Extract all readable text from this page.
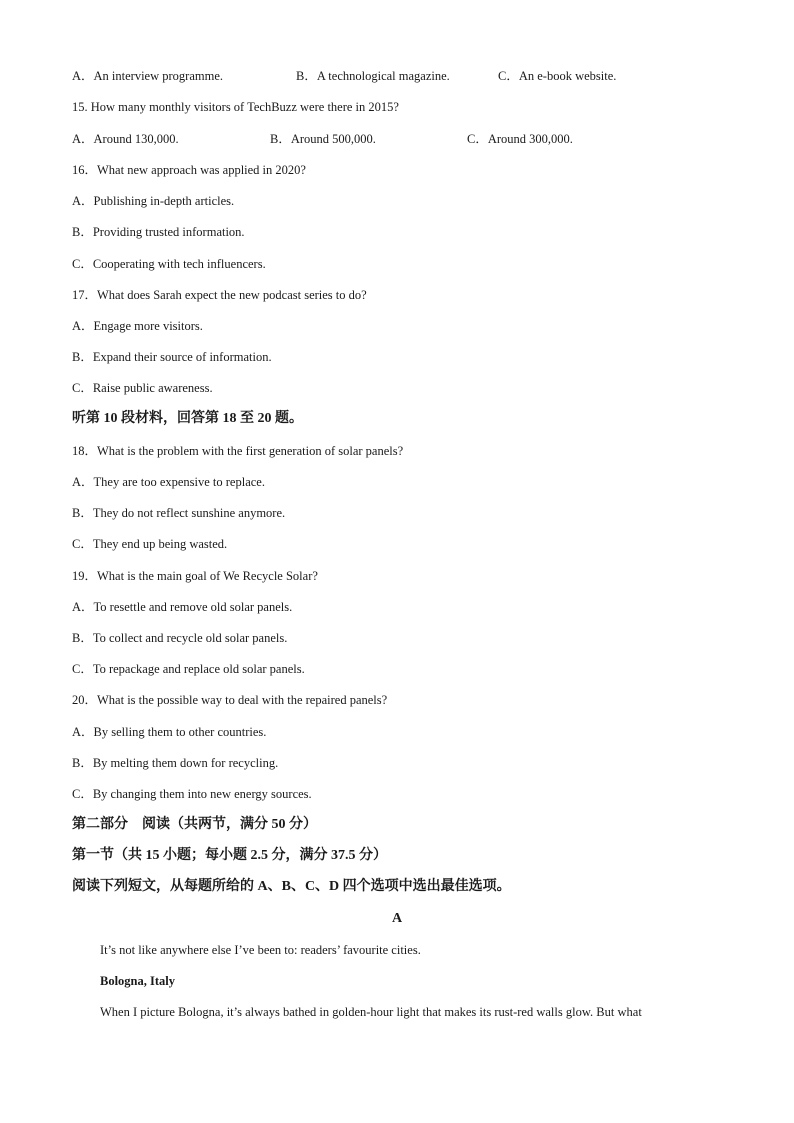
A．An interview programme.	B．A technological magazine.	C．An e-book website.
15. How many monthly visitors of TechBuzz were there in 2015?
A．Around 130,000.	B．Around 500,000.	C．Around 300,000.
16．What new approach was applied in 2020?
A．Publishing in-depth articles.
B．Providing trusted information.
C．Cooperating with tech influencers.
17．What does Sarah expect the new podcast series to do?
A．Engage more visitors.
B．Expand their source of information.
C．Raise public awareness.
听第 10 段材料，回答第 18 至 20 题。
18．What is the problem with the first generation of solar panels?
A．They are too expensive to replace.
B．They do not reflect sunshine anymore.
C．They end up being wasted.
19．What is the main goal of We Recycle Solar?
A．To resettle and remove old solar panels.
B．To collect and recycle old solar panels.
C．To repackage and replace old solar panels.
20．What is the possible way to deal with the repaired panels?
A．By selling them to other countries.
B．By melting them down for recycling.
C．By changing them into new energy sources.
第二部分　阅读（共两节，满分 50 分）
第一节（共 15 小题；每小题 2.5 分，满分 37.5 分）
阅读下列短文，从每题所给的 A、B、C、D 四个选项中选出最佳选项。
A
It’s not like anywhere else I’ve been to: readers’ favourite cities.
Bologna, Italy
When I picture Bologna, it’s always bathed in golden-hour light that makes its rust-red walls glow. But what
